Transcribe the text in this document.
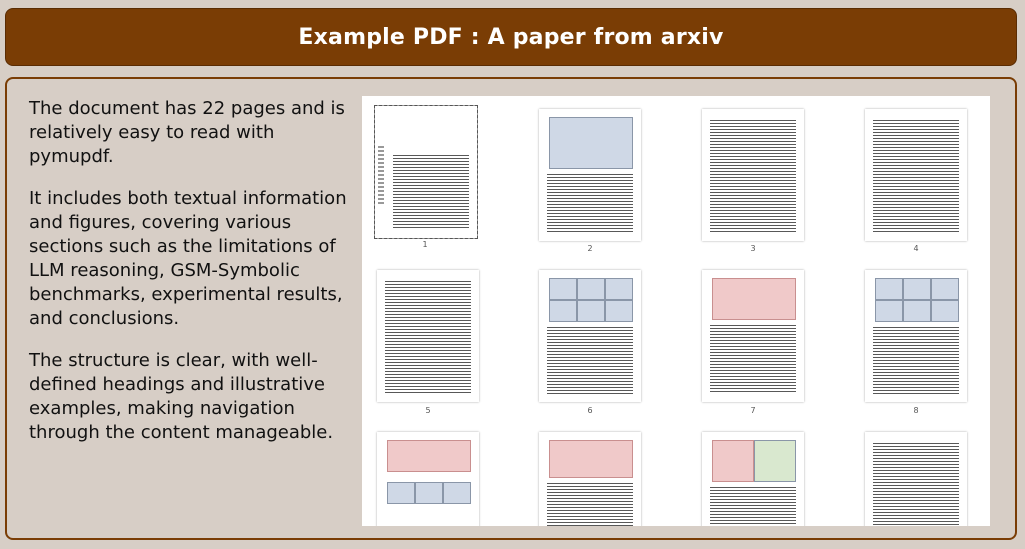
Example PDF : A paper from arxiv

The document has 22 pages and is relatively easy to read with pymupdf.

It includes both textual information and figures, covering various sections such as the limitations of LLM reasoning, GSM-Symbolic benchmarks, experimental results, and conclusions.

The structure is clear, with well-defined headings and illustrative examples, making navigation through the content manageable.

1	2	3	4
5	6	7	8
